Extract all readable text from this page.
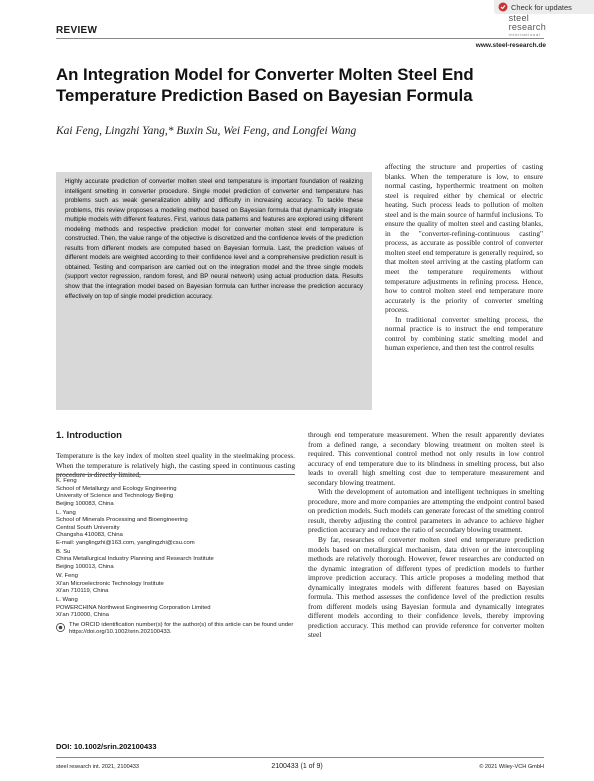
Check for updates
REVIEW
steel
research
international
www.steel-research.de
An Integration Model for Converter Molten Steel End Temperature Prediction Based on Bayesian Formula
Kai Feng, Lingzhi Yang,* Buxin Su, Wei Feng, and Longfei Wang
Highly accurate prediction of converter molten steel end temperature is important foundation of realizing intelligent smelting in converter procedure. Single model prediction of converter end temperature has problems such as weak generalization ability and difficulty in increasing accuracy. To tackle these problems, this review proposes a modeling method based on Bayesian formula that dynamically integrate multiple models with different features. First, various data patterns and features are explored using different modeling methods and respective prediction model for converter molten steel end temperature is constructed. Then, the value range of the objective is discretized and the confidence levels of the prediction results from different models are computed based on Bayesian formula. Last, the prediction values of different models are weighted according to their confidence level and a comprehensive prediction result is obtained. Testing and comparison are carried out on the integration model and the three single models (support vector regression, random forest, and BP neural network) using actual production data. Results show that the integration model based on Bayesian formula can further increase the prediction accuracy effectively on top of single model prediction accuracy.

affecting the structure and properties of casting blanks. When the temperature is low, to ensure normal casting, hyperthermic treatment on molten steel is required either by chemical or electric heating. Such process leads to pollution of molten steel and is the main source of harmful inclusions. To ensure the quality of molten steel and casting blanks, in the "converter-refining-continuous casting" process, as accurate as possible control of converter molten steel end temperature is generally required, so that molten steel arriving at the casting platform can meet the temperature requirements without temperature adjustments in refining process. Hence, how to control molten steel end temperature more accurately is the priority of converter smelting process.

In traditional converter smelting process, the normal practice is to instruct the end temperature control by combining static smelting model and human experience, and then test the control results

1. Introduction

Temperature is the key index of molten steel quality in the steelmaking process. When the temperature is relatively high, the casting speed in continuous casting

through end temperature measurement. When the result apparently deviates from a defined range, a secondary blowing treatment on molten steel is required. This conventional control method not only results in low control accuracy of end temperature due to its blindness in smelting process, but also leads to overall high smelting cost due to temperature measurement and secondary blowing treatment.

With the development of automation and intelligent techniques in smelting procedure, more and more companies are attempting the endpoint control based on prediction models. Such models can generate forecast of the smelting control result, thereby adjusting the control parameters in advance to achieve higher prediction accuracy and reduce the ratio of secondary blowing treatment.

By far, researches of converter molten steel end temperature prediction models based on metallurgical mechanism, data driven or the intercoupling methods are relatively thorough. However, fewer researches are conducted on the dynamic integration of different types of prediction models to further improve prediction accuracy. This article proposes a modeling method that dynamically integrates models with different features based on Bayesian formula. This method assesses the confidence level of the prediction results from different models using Bayesian formula and dynamically integrates different models according to their confidence levels, thereby improving prediction accuracy. This method can provide reference for converter molten steel

K. Feng
School of Metallurgy and Ecology Engineering
University of Science and Technology Beijing
Beijing 100083, China
L. Yang
School of Minerals Processing and Bioengineering
Central South University
Changsha 410083, China
E-mail: yanglingzhi@163.com, yanglingzhi@csu.com
B. Su
China Metallurgical Industry Planning and Research Institute
Beijing 100013, China
W. Feng
Xi'an Microelectronic Technology Institute
Xi'an 710119, China
L. Wang
POWERCHINA Northwest Engineering Corporation Limited
Xi'an 710000, China
The ORCID identification number(s) for the author(s) of this article can be found under https://doi.org/10.1002/srin.202100433.
DOI: 10.1002/srin.202100433
steel research int. 2021, 2100433	2100433 (1 of 9)	© 2021 Wiley-VCH GmbH
